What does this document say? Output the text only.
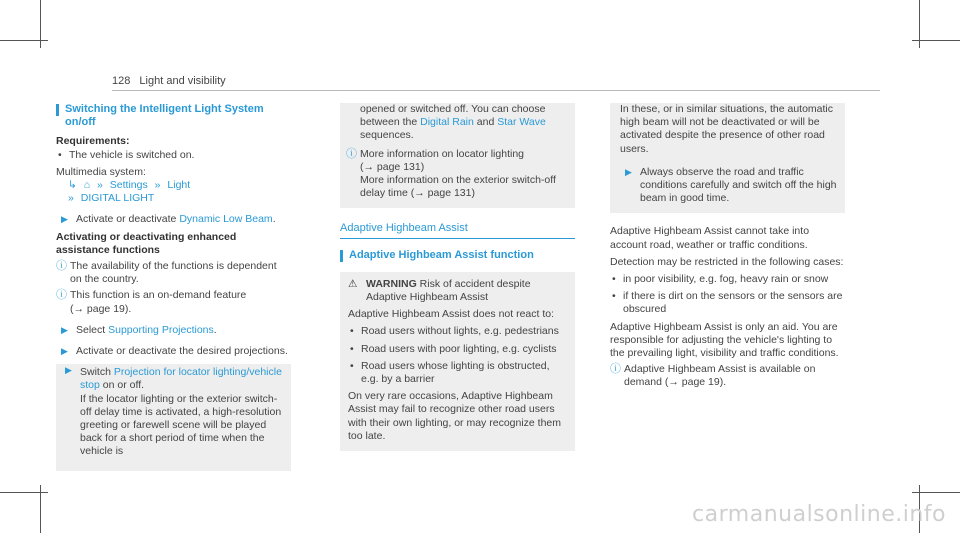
128 Light and visibility
Switching the Intelligent Light System on/off
Requirements:
• The vehicle is switched on.
Multimedia system:
↳ ⌂ » Settings » Light
» DIGITAL LIGHT
▶ Activate or deactivate Dynamic Low Beam.
Activating or deactivating enhanced assistance functions
ⓘ The availability of the functions is dependent on the country.
ⓘ This function is an on-demand feature
(→ page 19).
▶ Select Supporting Projections.
▶ Activate or deactivate the desired projections.
▶ Switch Projection for locator lighting/vehicle stop on or off.
If the locator lighting or the exterior switch-off delay time is activated, a high-resolution greeting or farewell scene will be played back for a short period of time when the vehicle is
opened or switched off. You can choose between the Digital Rain and Star Wave sequences.
ⓘ More information on locator lighting
(→ page 131)
More information on the exterior switch-off delay time (→ page 131)
Adaptive Highbeam Assist
Adaptive Highbeam Assist function
⚠ WARNING Risk of accident despite Adaptive Highbeam Assist
Adaptive Highbeam Assist does not react to:
• Road users without lights, e.g. pedestrians
• Road users with poor lighting, e.g. cyclists
• Road users whose lighting is obstructed, e.g. by a barrier
On very rare occasions, Adaptive Highbeam Assist may fail to recognize other road users with their own lighting, or may recognize them too late.
In these, or in similar situations, the automatic high beam will not be deactivated or will be activated despite the presence of other road users.
▶ Always observe the road and traffic conditions carefully and switch off the high beam in good time.
Adaptive Highbeam Assist cannot take into account road, weather or traffic conditions.
Detection may be restricted in the following cases:
• in poor visibility, e.g. fog, heavy rain or snow
• if there is dirt on the sensors or the sensors are obscured
Adaptive Highbeam Assist is only an aid. You are responsible for adjusting the vehicle's lighting to the prevailing light, visibility and traffic conditions.
ⓘ Adaptive Highbeam Assist is available on
demand (→ page 19).
carmanualsonline.info
